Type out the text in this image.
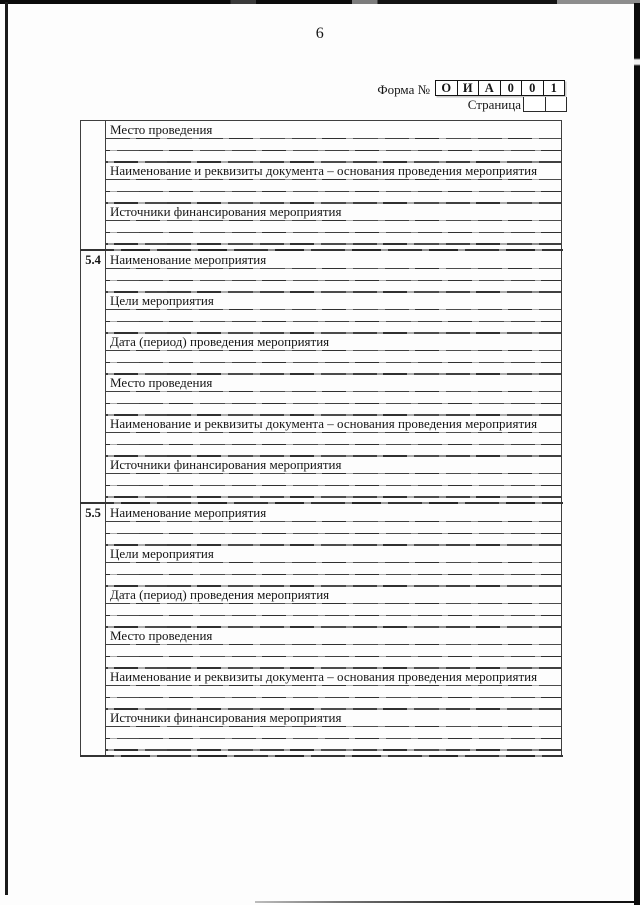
6
Форма № О И А	0	0	1
Страница
Место проведения
Наименование и реквизиты документа – основания проведения мероприятия
Источники финансирования мероприятия
5.4 Наименование мероприятия
Цели мероприятия
Дата (период) проведения мероприятия
Место проведения
Наименование и реквизиты документа – основания проведения мероприятия
Источники финансирования мероприятия
5.5 Наименование мероприятия
Цели мероприятия
Дата (период) проведения мероприятия
Место проведения
Наименование и реквизиты документа – основания проведения мероприятия
Источники финансирования мероприятия
